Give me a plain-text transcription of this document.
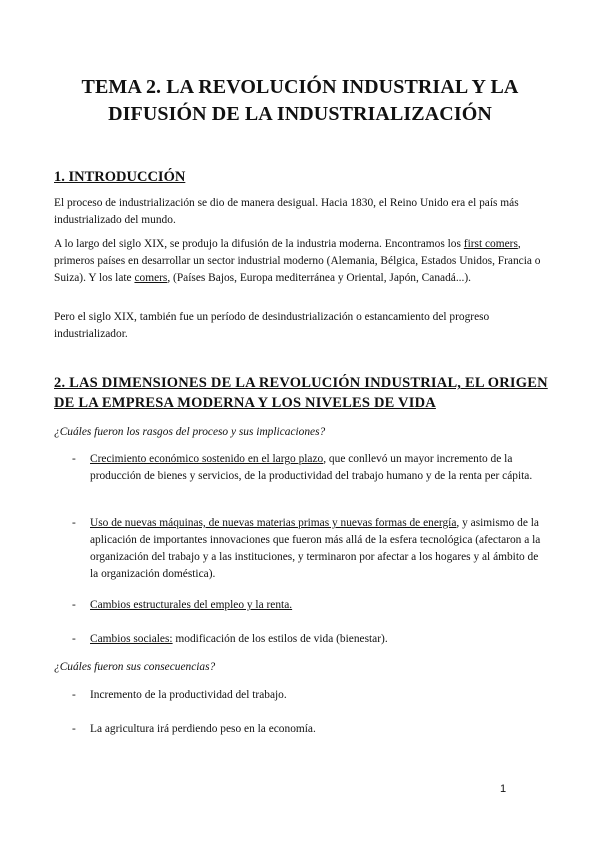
TEMA 2. LA REVOLUCIÓN INDUSTRIAL Y LA
DIFUSIÓN DE LA INDUSTRIALIZACIÓN
1. INTRODUCCIÓN
El proceso de industrialización se dio de manera desigual. Hacia 1830, el Reino Unido era el país más industrializado del mundo.
A lo largo del siglo XIX, se produjo la difusión de la industria moderna. Encontramos los first comers, primeros países en desarrollar un sector industrial moderno (Alemania, Bélgica, Estados Unidos, Francia o Suiza). Y los late comers, (Países Bajos, Europa mediterránea y Oriental, Japón, Canadá...).
Pero el siglo XIX, también fue un período de desindustrialización o estancamiento del progreso industrializador.
2. LAS DIMENSIONES DE LA REVOLUCIÓN INDUSTRIAL, EL ORIGEN
DE LA EMPRESA MODERNA Y LOS NIVELES DE VIDA
¿Cuáles fueron los rasgos del proceso y sus implicaciones?
- Crecimiento económico sostenido en el largo plazo, que conllevó un mayor incremento de la producción de bienes y servicios, de la productividad del trabajo humano y de la renta per cápita.
- Uso de nuevas máquinas, de nuevas materias primas y nuevas formas de energía, y asimismo de la aplicación de importantes innovaciones que fueron más allá de la esfera tecnológica (afectaron a la organización del trabajo y a las instituciones, y terminaron por afectar a los hogares y al ámbito de la organización doméstica).
- Cambios estructurales del empleo y la renta.
- Cambios sociales: modificación de los estilos de vida (bienestar).
¿Cuáles fueron sus consecuencias?
- Incremento de la productividad del trabajo.
- La agricultura irá perdiendo peso en la economía.
1
